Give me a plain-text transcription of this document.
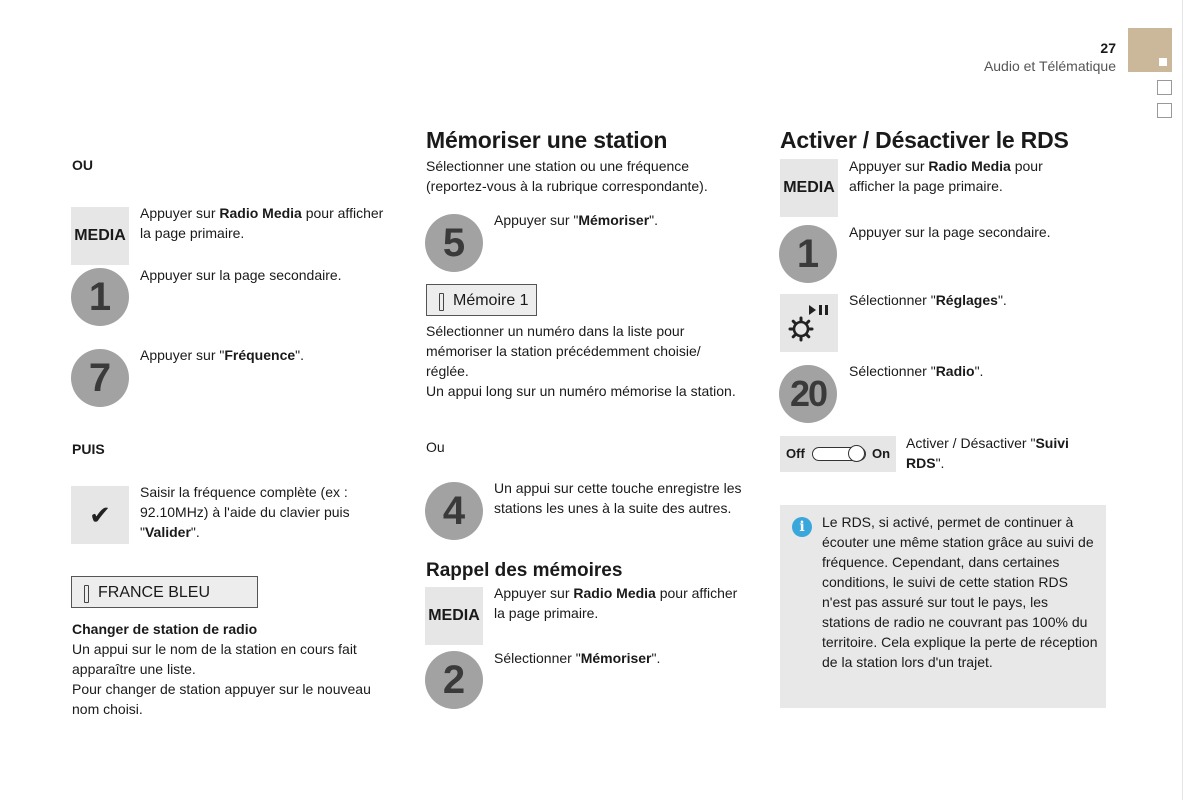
27
Audio et Télématique
OU
MEDIA
Appuyer sur Radio Media pour afficher la page primaire.
1	Appuyer sur la page secondaire.
7
Appuyer sur "Fréquence".
PUIS
✔
Saisir la fréquence complète (ex : 92.10MHz) à l'aide du clavier puis "Valider".
FRANCE BLEU
Changer de station de radio
Un appui sur le nom de la station en cours fait apparaître une liste.
Pour changer de station appuyer sur le nouveau nom choisi.
Mémoriser une station
Sélectionner une station ou une fréquence (reportez-vous à la rubrique correspondante).
5
Appuyer sur "Mémoriser".
Mémoire 1
Sélectionner un numéro dans la liste pour mémoriser la station précédemment choisie/ réglée.
Un appui long sur un numéro mémorise la station.
Ou
4
Un appui sur cette touche enregistre les stations les unes à la suite des autres.
Rappel des mémoires
MEDIA
Appuyer sur Radio Media pour afficher la page primaire.
2	Sélectionner "Mémoriser".
Activer / Désactiver le RDS
MEDIA
Appuyer sur Radio Media pour afficher la page primaire.
1	Appuyer sur la page secondaire.
Sélectionner "Réglages".
20
Sélectionner "Radio".
Off	On
Activer / Désactiver "Suivi RDS".
i	Le RDS, si activé, permet de continuer à écouter une même station grâce au suivi de fréquence. Cependant, dans certaines conditions, le suivi de cette station RDS n'est pas assuré sur tout le pays, les stations de radio ne couvrant pas 100% du territoire. Cela explique la perte de réception de la station lors d'un trajet.
